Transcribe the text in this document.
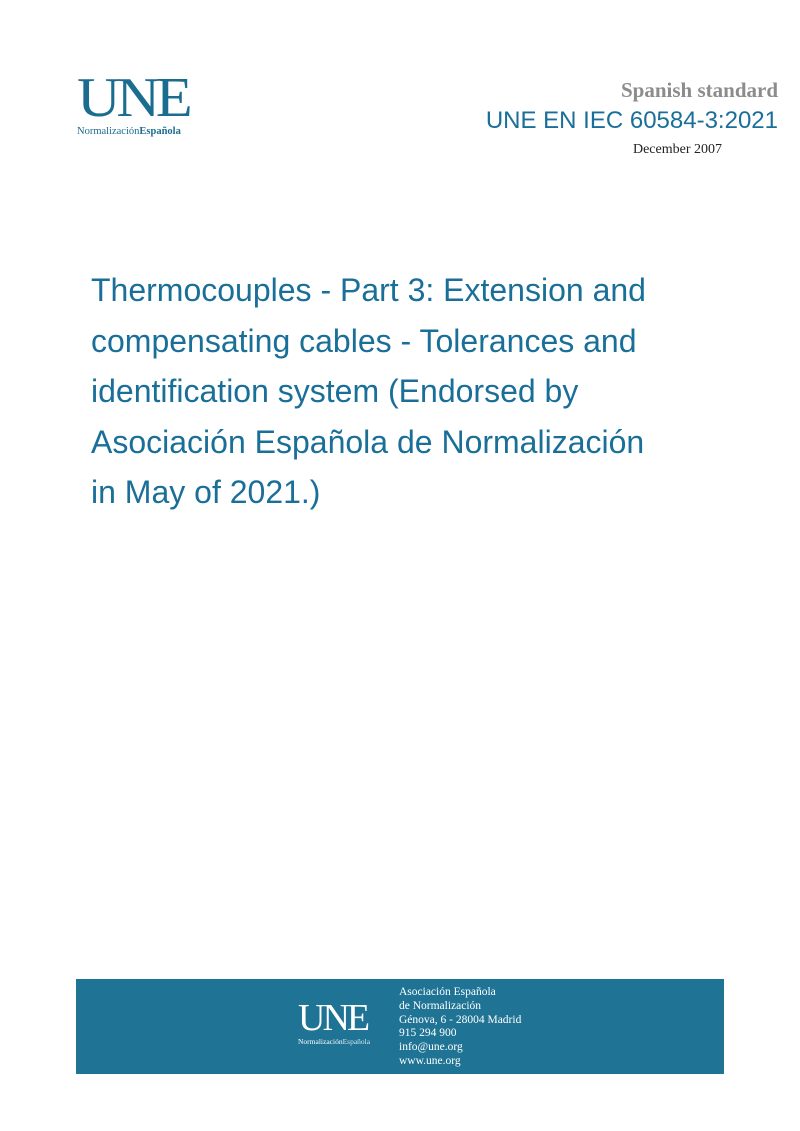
UNE
NormalizaciónEspañola
Spanish standard
UNE EN IEC 60584-3:2021
December 2007
Thermocouples - Part 3: Extension and
compensating cables - Tolerances and
identification system (Endorsed by
Asociación Española de Normalización
in May of 2021.)
UNE
NormalizaciónEspañola
Asociación Española
de Normalización
Génova, 6 - 28004 Madrid
915 294 900
info@une.org
www.une.org
